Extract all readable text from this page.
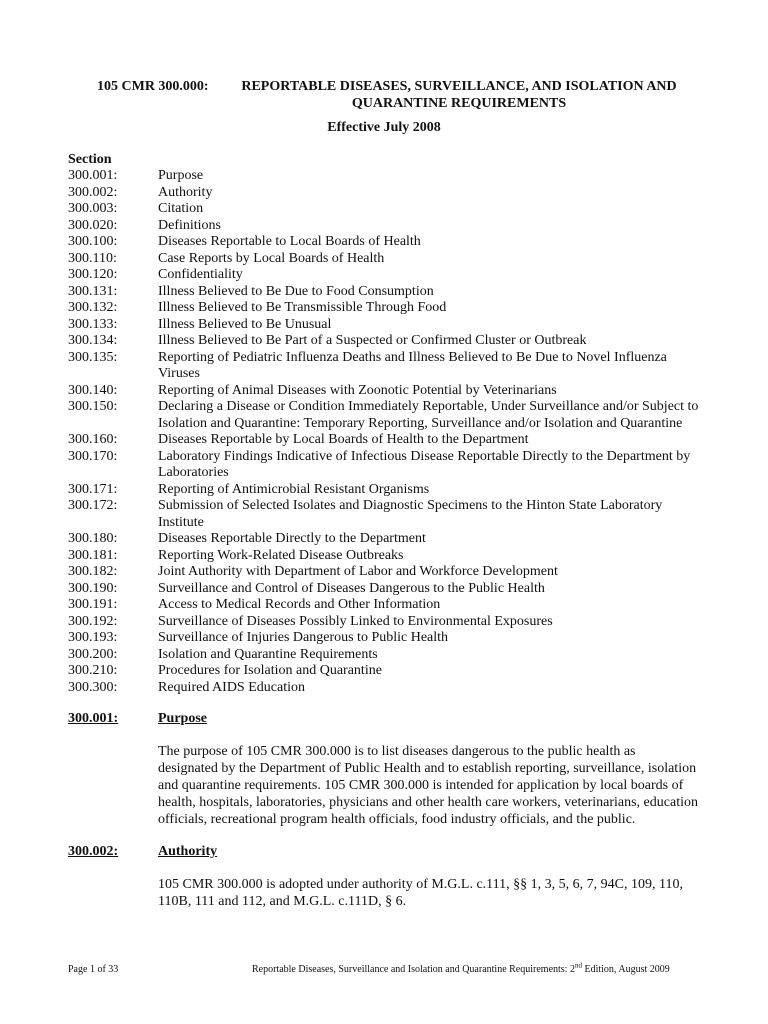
105 CMR 300.000:	REPORTABLE DISEASES, SURVEILLANCE, AND ISOLATION AND QUARANTINE REQUIREMENTS
Effective July 2008
Section
300.001:	Purpose
300.002:	Authority
300.003:	Citation
300.020:	Definitions
300.100:	Diseases Reportable to Local Boards of Health
300.110:	Case Reports by Local Boards of Health
300.120:	Confidentiality
300.131:	Illness Believed to Be Due to Food Consumption
300.132:	Illness Believed to Be Transmissible Through Food
300.133:	Illness Believed to Be Unusual
300.134:	Illness Believed to Be Part of a Suspected or Confirmed Cluster or Outbreak
300.135:	Reporting of Pediatric Influenza Deaths and Illness Believed to Be Due to Novel Influenza Viruses
300.140:	Reporting of Animal Diseases with Zoonotic Potential by Veterinarians
300.150:	Declaring a Disease or Condition Immediately Reportable, Under Surveillance and/or Subject to Isolation and Quarantine: Temporary Reporting, Surveillance and/or Isolation and Quarantine
300.160:	Diseases Reportable by Local Boards of Health to the Department
300.170:	Laboratory Findings Indicative of Infectious Disease Reportable Directly to the Department by Laboratories
300.171:	Reporting of Antimicrobial Resistant Organisms
300.172:	Submission of Selected Isolates and Diagnostic Specimens to the Hinton State Laboratory Institute
300.180:	Diseases Reportable Directly to the Department
300.181:	Reporting Work-Related Disease Outbreaks
300.182:	Joint Authority with Department of Labor and Workforce Development
300.190:	Surveillance and Control of Diseases Dangerous to the Public Health
300.191:	Access to Medical Records and Other Information
300.192:	Surveillance of Diseases Possibly Linked to Environmental Exposures
300.193:	Surveillance of Injuries Dangerous to Public Health
300.200:	Isolation and Quarantine Requirements
300.210:	Procedures for Isolation and Quarantine
300.300:	Required AIDS Education
300.001:	Purpose
The purpose of 105 CMR 300.000 is to list diseases dangerous to the public health as designated by the Department of Public Health and to establish reporting, surveillance, isolation and quarantine requirements. 105 CMR 300.000 is intended for application by local boards of health, hospitals, laboratories, physicians and other health care workers, veterinarians, education officials, recreational program health officials, food industry officials, and the public.
300.002:	Authority
105 CMR 300.000 is adopted under authority of M.G.L. c.111, §§ 1, 3, 5, 6, 7, 94C, 109, 110, 110B, 111 and 112, and M.G.L. c.111D, § 6.
Page 1 of 33	Reportable Diseases, Surveillance and Isolation and Quarantine Requirements: 2nd Edition, August 2009
